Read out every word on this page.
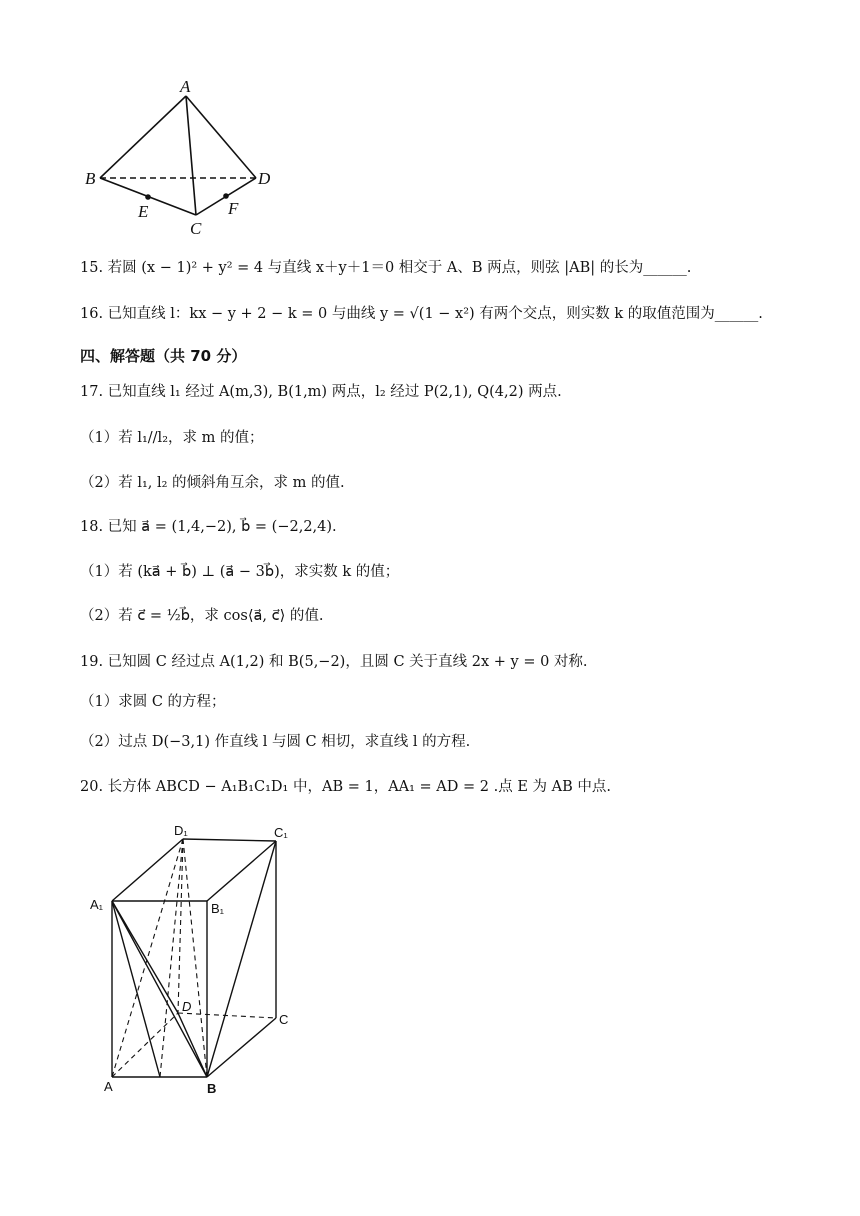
A
B	D
E	F
C
15. 若圆 (x − 1)² + y² = 4 与直线 x＋y＋1＝0 相交于 A、B 两点，则弦 |AB| 的长为______.
16. 已知直线 l：kx − y + 2 − k = 0 与曲线 y = √(1 − x²) 有两个交点，则实数 k 的取值范围为______.
四、解答题（共 70 分）
17. 已知直线 l₁ 经过 A(m,3), B(1,m) 两点，l₂ 经过 P(2,1), Q(4,2) 两点.
（1）若 l₁//l₂，求 m 的值；
（2）若 l₁, l₂ 的倾斜角互余，求 m 的值.
18. 已知 a⃗ = (1,4,−2), b⃗ = (−2,2,4).
（1）若 (ka⃗ + b⃗) ⊥ (a⃗ − 3b⃗)，求实数 k 的值；
（2）若 c⃗ = ½b⃗，求 cos⟨a⃗, c⃗⟩ 的值.
19. 已知圆 C 经过点 A(1,2) 和 B(5,−2)，且圆 C 关于直线 2x + y = 0 对称.
（1）求圆 C 的方程；
（2）过点 D(−3,1) 作直线 l 与圆 C 相切，求直线 l 的方程.
20. 长方体 ABCD − A₁B₁C₁D₁ 中，AB = 1，AA₁ = AD = 2 .点 E 为 AB 中点.
D₁	C₁
A₁	B₁
D
C
A	B
